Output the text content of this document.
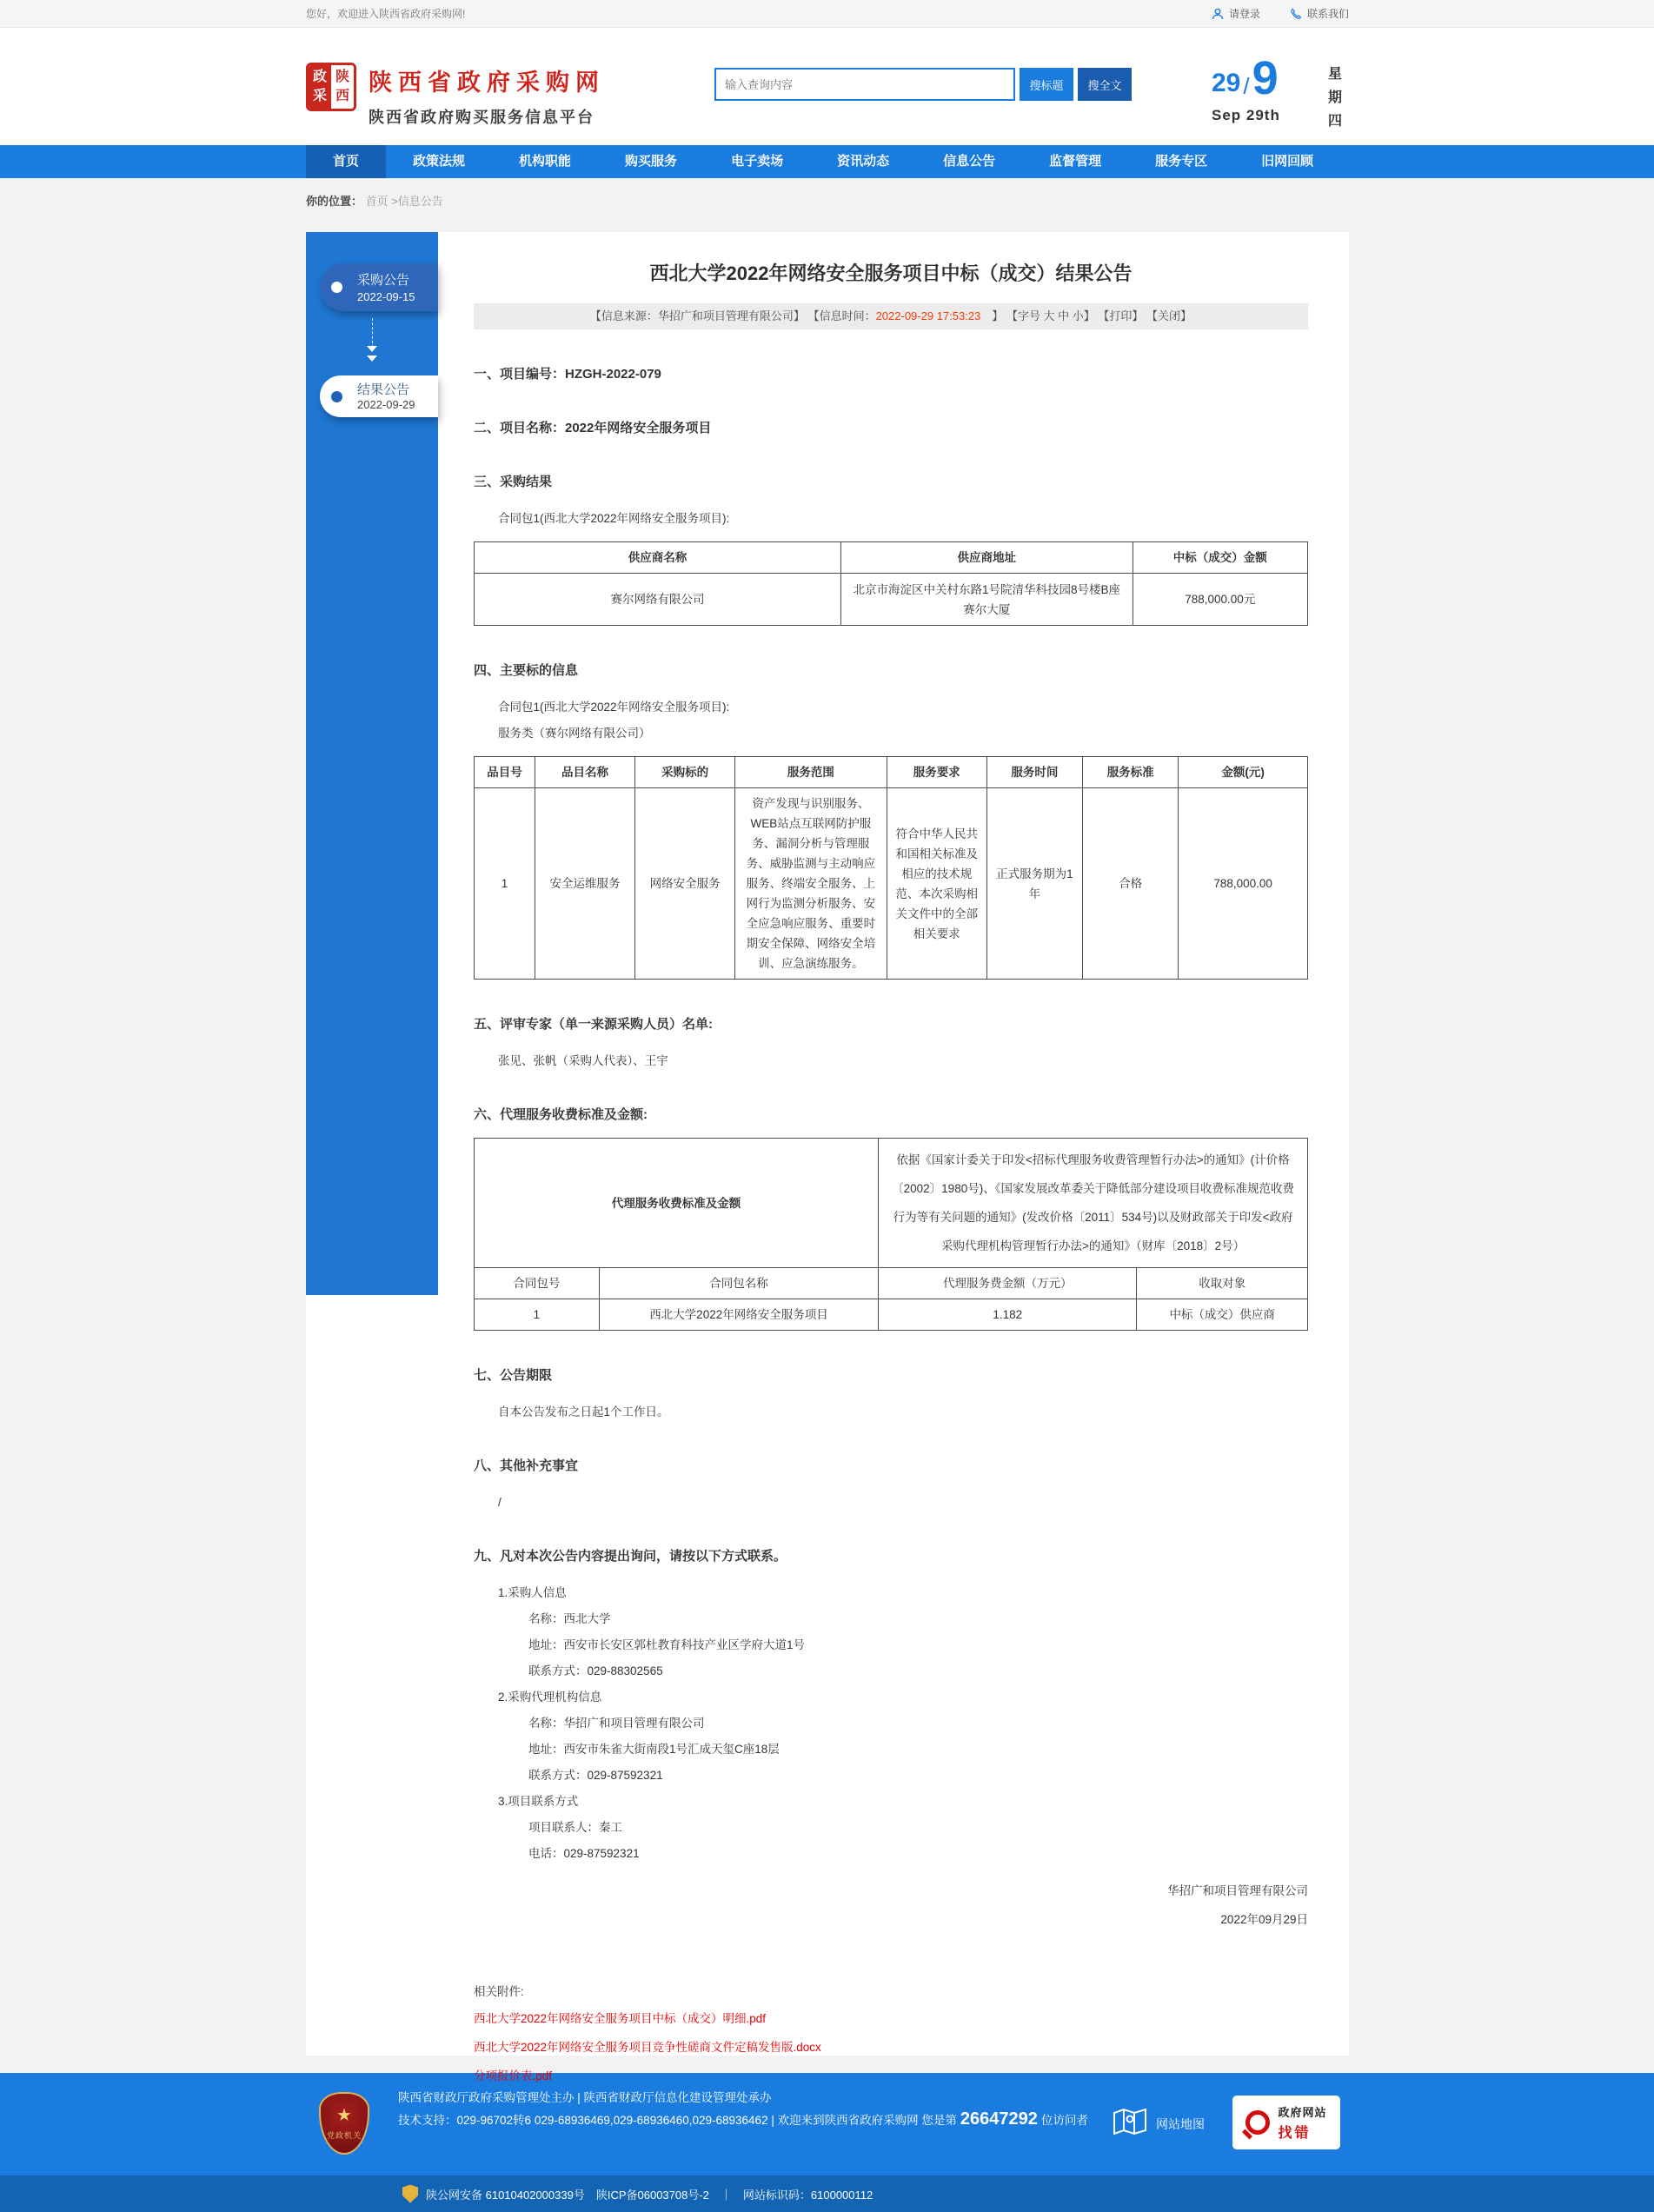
您好，欢迎进入陕西省政府采购网!	请登录	联系我们
政
采
陕
西
陕西省政府采购网
陕西省政府购买服务信息平台
输入查询内容
搜标题	搜全文	29 / 9
Sep 29th
星
期
四
首页	政策法规	机构职能	购买服务	电子卖场	资讯动态	信息公告	监督管理	服务专区	旧网回顾
你的位置： 首页 >信息公告
采购公告
2022-09-15
结果公告
2022-09-29
西北大学2022年网络安全服务项目中标（成交）结果公告
【信息来源：华招广和项目管理有限公司】 【信息时间：2022-09-29 17:53:23　】 【字号 大 中 小】 【打印】 【关闭】
一、项目编号：HZGH-2022-079
二、项目名称：2022年网络安全服务项目
三、采购结果
合同包1(西北大学2022年网络安全服务项目):
供应商名称	供应商地址	中标（成交）金额
赛尔网络有限公司	北京市海淀区中关村东路1号院清华科技园8号楼B座赛尔大厦	788,000.00元
四、主要标的信息
合同包1(西北大学2022年网络安全服务项目):
服务类（赛尔网络有限公司）
品目号	品目名称	采购标的	服务范围	服务要求	服务时间	服务标准	金额(元)
1	安全运维服务	网络安全服务	资产发现与识别服务、WEB站点互联网防护服务、漏洞分析与管理服务、威胁监测与主动响应服务、终端安全服务、上网行为监测分析服务、安全应急响应服务、重要时期安全保障、网络安全培训、应急演练服务。	符合中华人民共和国相关标准及相应的技术规范、本次采购相关文件中的全部相关要求	正式服务期为1年	合格	788,000.00
五、评审专家（单一来源采购人员）名单:
张见、张帆（采购人代表）、王宇
六、代理服务收费标准及金额:
代理服务收费标准及金额		依据《国家计委关于印发<招标代理服务收费管理暂行办法>的通知》(计价格〔2002〕1980号)、《国家发展改革委关于降低部分建设项目收费标准规范收费行为等有关问题的通知》(发改价格〔2011〕534号)以及财政部关于印发<政府采购代理机构管理暂行办法>的通知》（财库〔2018〕2号）	
合同包号	合同包名称	代理服务费金额（万元）	收取对象
1	西北大学2022年网络安全服务项目	1.182	中标（成交）供应商
七、公告期限
自本公告发布之日起1个工作日。
八、其他补充事宜
/
九、凡对本次公告内容提出询问，请按以下方式联系。
1.采购人信息
名称：西北大学
地址：西安市长安区郭杜教育科技产业区学府大道1号
联系方式：029-88302565
2.采购代理机构信息
名称：华招广和项目管理有限公司
地址：西安市朱雀大街南段1号汇成天玺C座18层
联系方式：029-87592321
3.项目联系方式
项目联系人：秦工
电话：029-87592321
华招广和项目管理有限公司
2022年09月29日
相关附件:
西北大学2022年网络安全服务项目中标（成交）明细.pdf
西北大学2022年网络安全服务项目竞争性磋商文件定稿发售版.docx
分项报价表.pdf
★
党政机关
陕西省财政厅政府采购管理处主办 | 陕西省财政厅信息化建设管理处承办
技术支持：029-96702转6 029-68936469,029-68936460,029-68936462 | 欢迎来到陕西省政府采购网 您是第 26647292 位访问者	网站地图
政府网站
找错
陕公网安备 61010402000339号　陕ICP备06003708号-2　｜　网站标识码：6100000112
